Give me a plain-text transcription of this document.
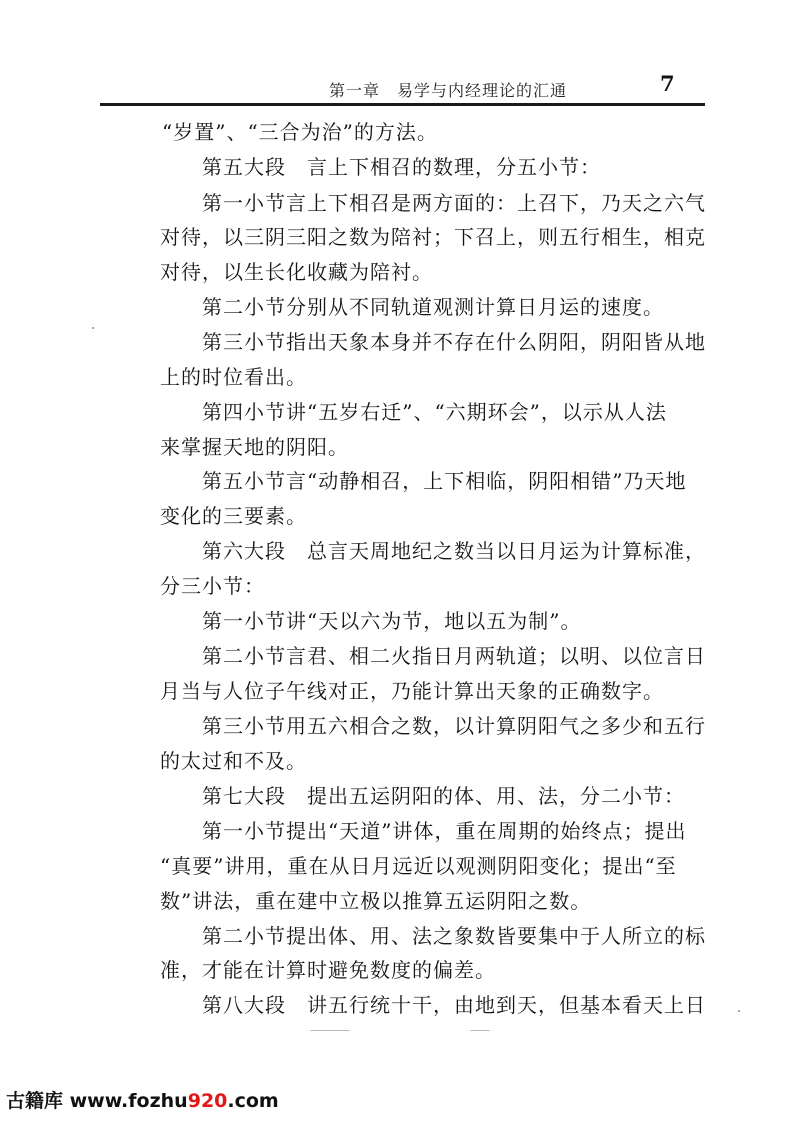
第一章　易学与内经理论的汇通	7
“岁置”、“三合为治”的方法。
第五大段　言上下相召的数理，分五小节：
第一小节言上下相召是两方面的：上召下，乃天之六气
对待，以三阴三阳之数为陪衬；下召上，则五行相生，相克
对待，以生长化收藏为陪衬。
第二小节分别从不同轨道观测计算日月运的速度。
第三小节指出天象本身并不存在什么阴阳，阴阳皆从地
上的时位看出。
第四小节讲“五岁右迁”、“六期环会”，以示从人法
来掌握天地的阴阳。
第五小节言“动静相召，上下相临，阴阳相错”乃天地
变化的三要素。
第六大段　总言天周地纪之数当以日月运为计算标准，
分三小节：
第一小节讲“天以六为节，地以五为制”。
第二小节言君、相二火指日月两轨道；以明、以位言日
月当与人位子午线对正，乃能计算出天象的正确数字。
第三小节用五六相合之数，以计算阴阳气之多少和五行
的太过和不及。
第七大段　提出五运阴阳的体、用、法，分二小节：
第一小节提出“天道”讲体，重在周期的始终点；提出
“真要”讲用，重在从日月远近以观测阴阳变化；提出“至
数”讲法，重在建中立极以推算五运阴阳之数。
第二小节提出体、用、法之象数皆要集中于人所立的标
准，才能在计算时避免数度的偏差。
第八大段　讲五行统十干，由地到天，但基本看天上日
古籍库 www.fozhu920.com
